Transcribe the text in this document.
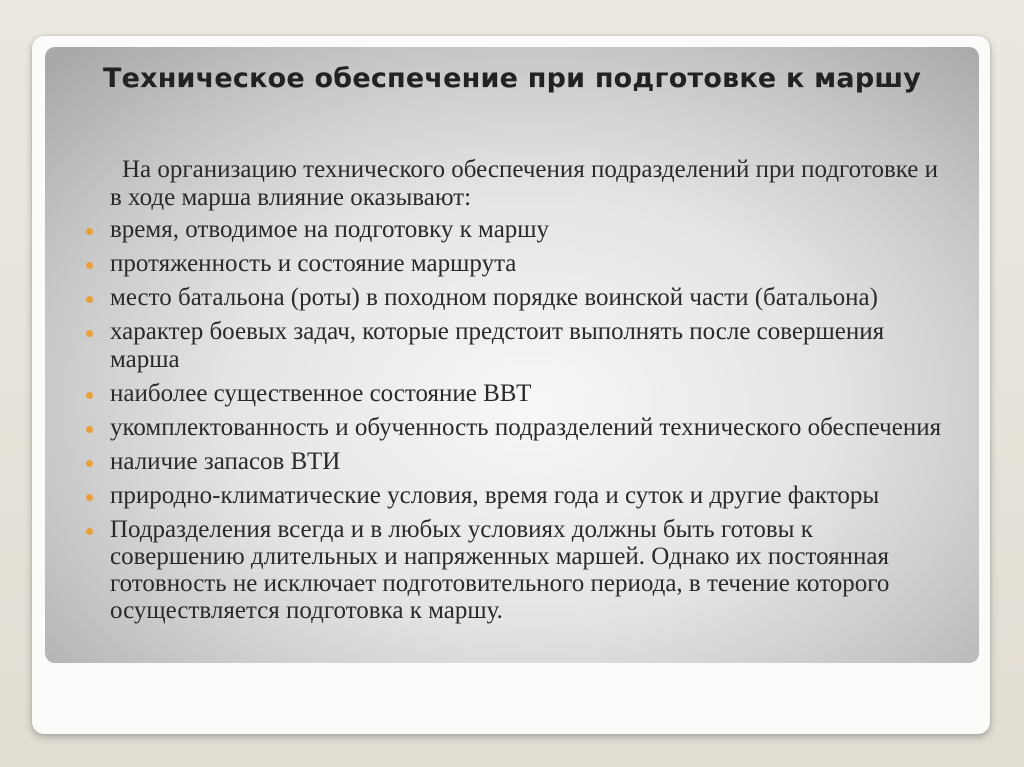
Техническое обеспечение при подготовке к маршу

На организацию технического обеспечения подразделений при подготовке и в ходе марша влияние оказывают:

время, отводимое на подготовку к маршу
протяженность и состояние маршрута
место батальона (роты) в походном порядке воинской части (батальона)
характер боевых задач, которые предстоит выполнять после совершения марша
наиболее существенное состояние ВВТ
укомплектованность и обученность подразделений технического обеспечения
наличие запасов ВТИ
природно-климатические условия, время года и суток и другие факторы
Подразделения всегда и в любых условиях должны быть готовы к совершению длительных и напряженных маршей. Однако их постоянная готовность не исключает подготовительного периода, в течение которого осуществляется подготовка к маршу.
